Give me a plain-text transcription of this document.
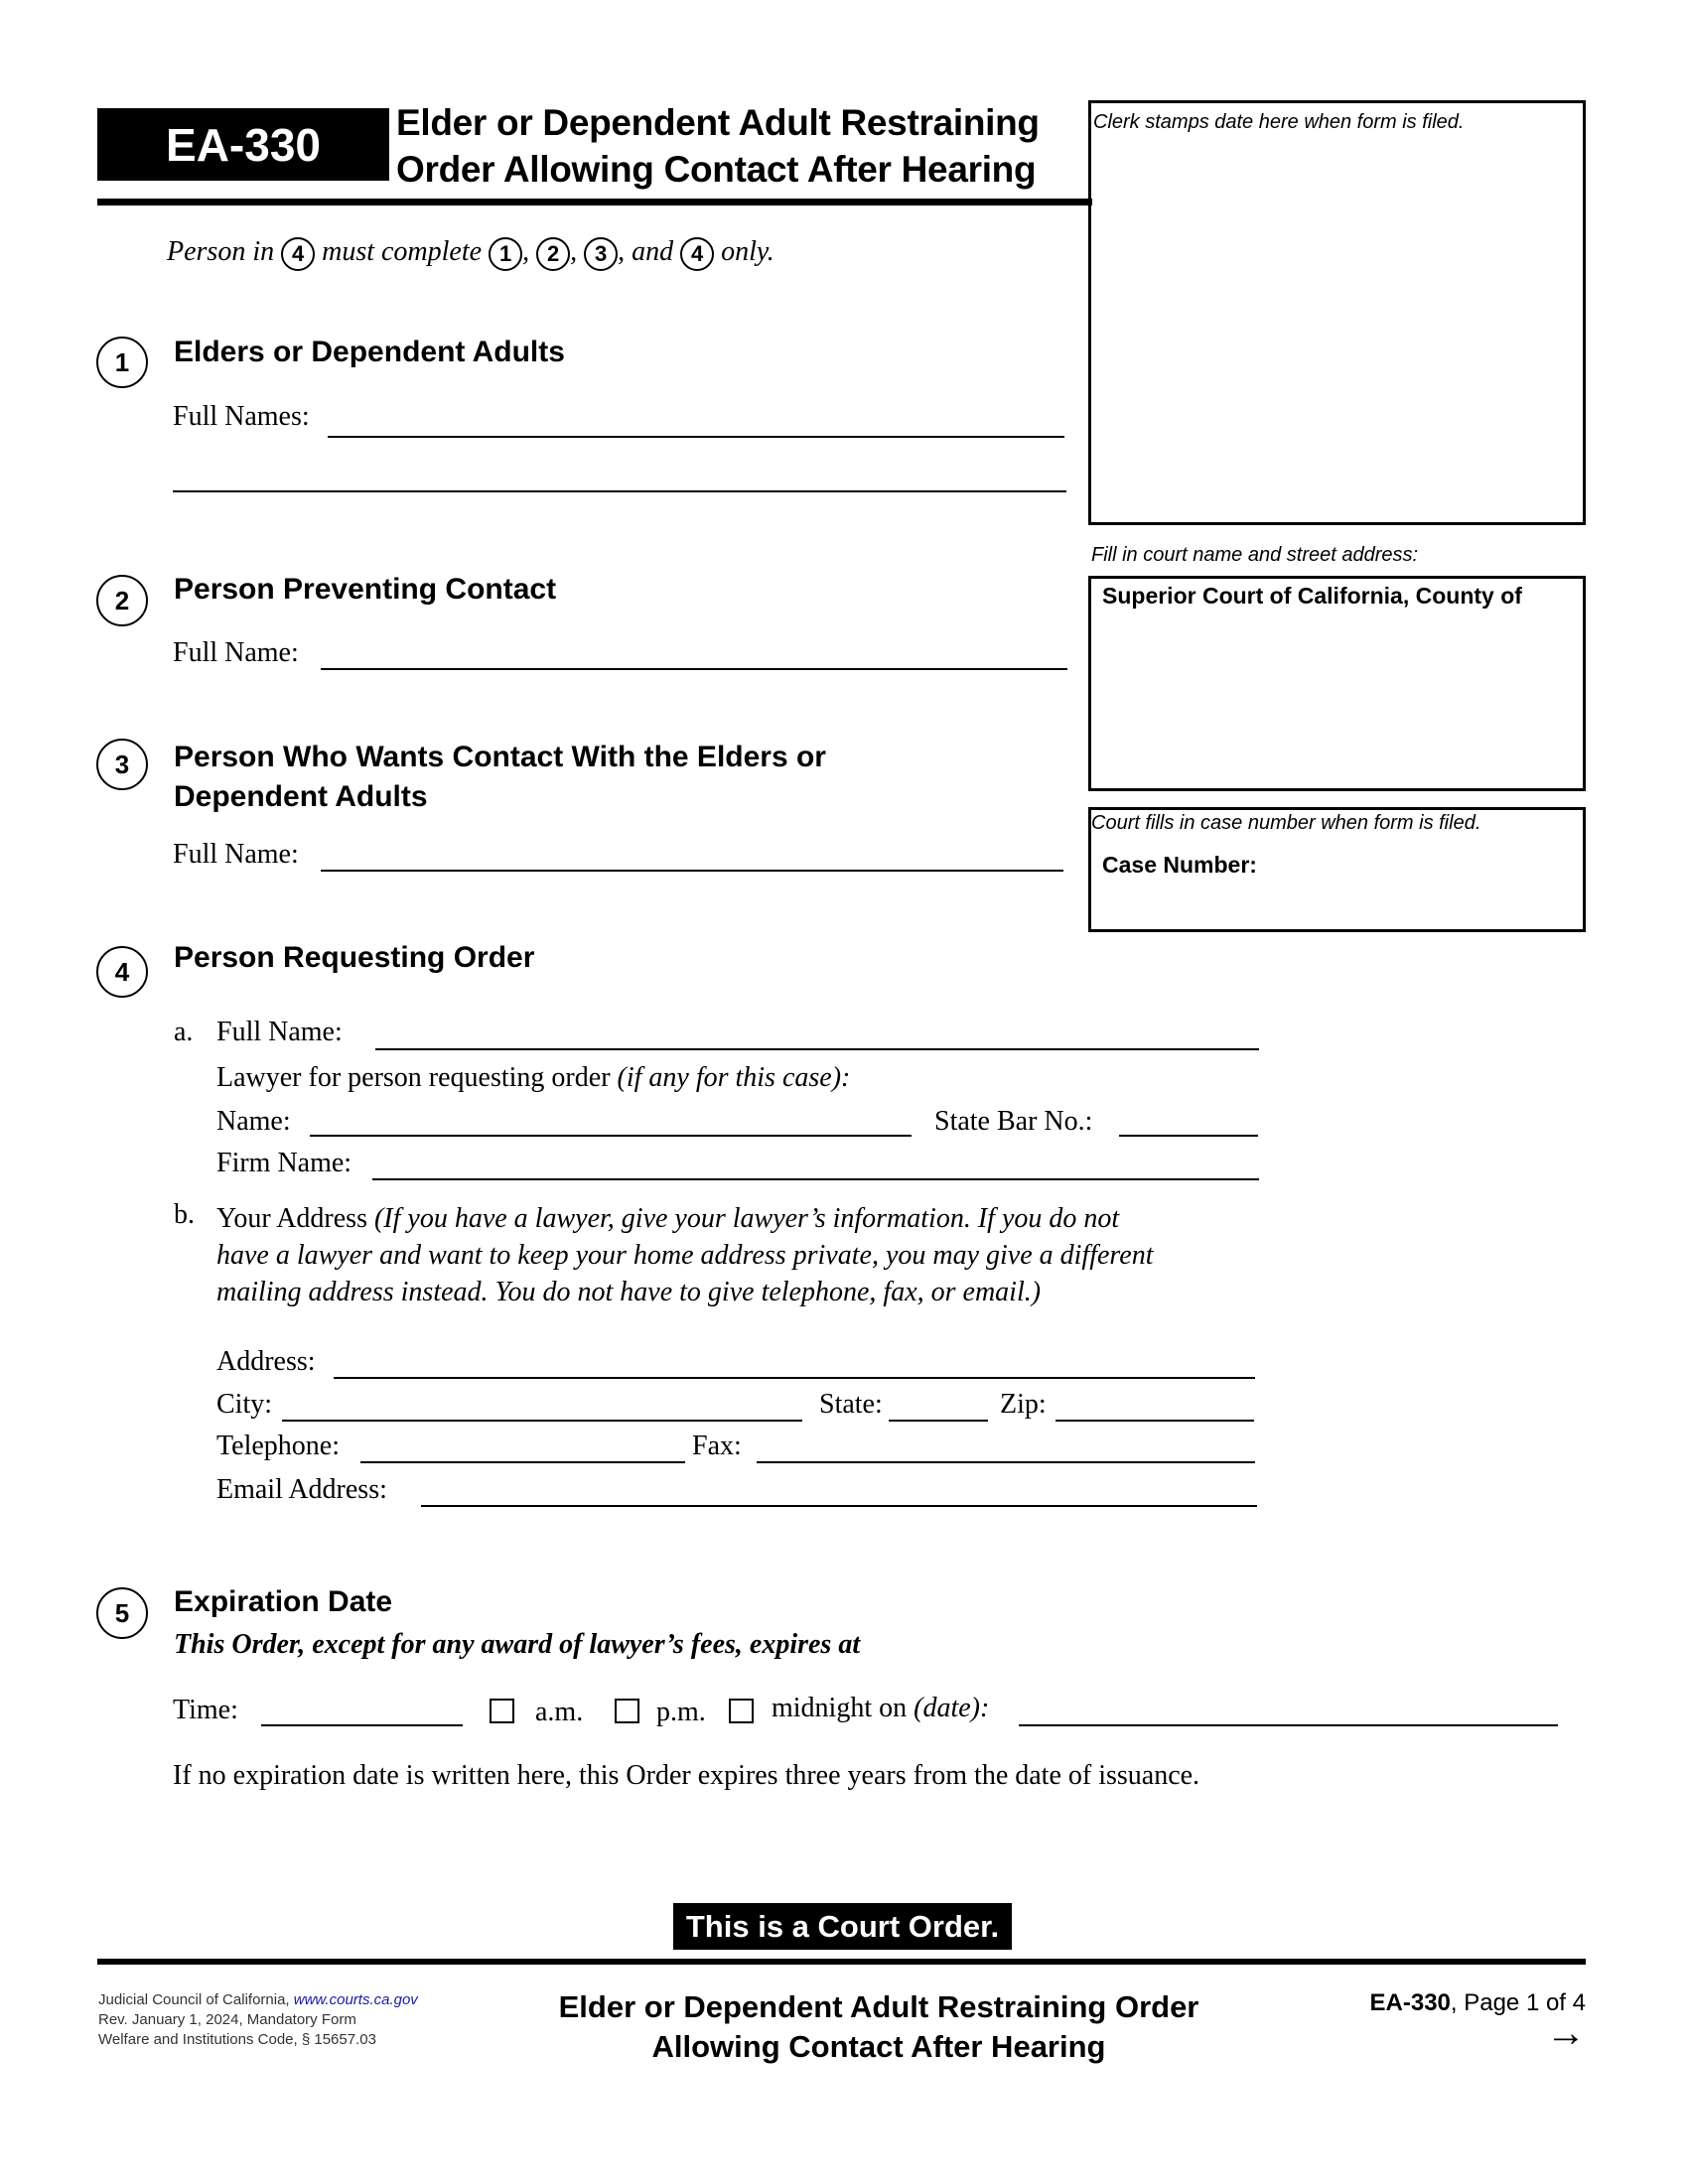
EA-330 Elder or Dependent Adult Restraining
Order Allowing Contact After Hearing
Person in 4 must complete 1 , 2 , 3 , and 4 only.
Clerk stamps date here when form is filed.
Fill in court name and street address:
Superior Court of California, County of
Court fills in case number when form is filed.
Case Number:
1	Elders or Dependent Adults
Full Names:
2	Person Preventing Contact
Full Name:
3	Person Who Wants Contact With the Elders or
Dependent Adults
Full Name:
4	Person Requesting Order
a. Full Name:
Lawyer for person requesting order (if any for this case):
Name:	State Bar No.:
Firm Name:
b. Your Address (If you have a lawyer, give your lawyer’s information. If you do not
have a lawyer and want to keep your home address private, you may give a different
mailing address instead. You do not have to give telephone, fax, or email.)
Address:
City:	State:	Zip:
Telephone:	Fax:
Email Address:
5	Expiration Date
This Order, except for any award of lawyer’s fees, expires at
Time:	a.m.	p.m. midnight on (date):
If no expiration date is written here, this Order expires three years from the date of issuance.
This is a Court Order.
Judicial Council of California, www.courts.ca.gov
Rev. January 1, 2024, Mandatory Form
Welfare and Institutions Code, § 15657.03
Elder or Dependent Adult Restraining Order
Allowing Contact After Hearing
EA-330, Page 1 of 4
→
